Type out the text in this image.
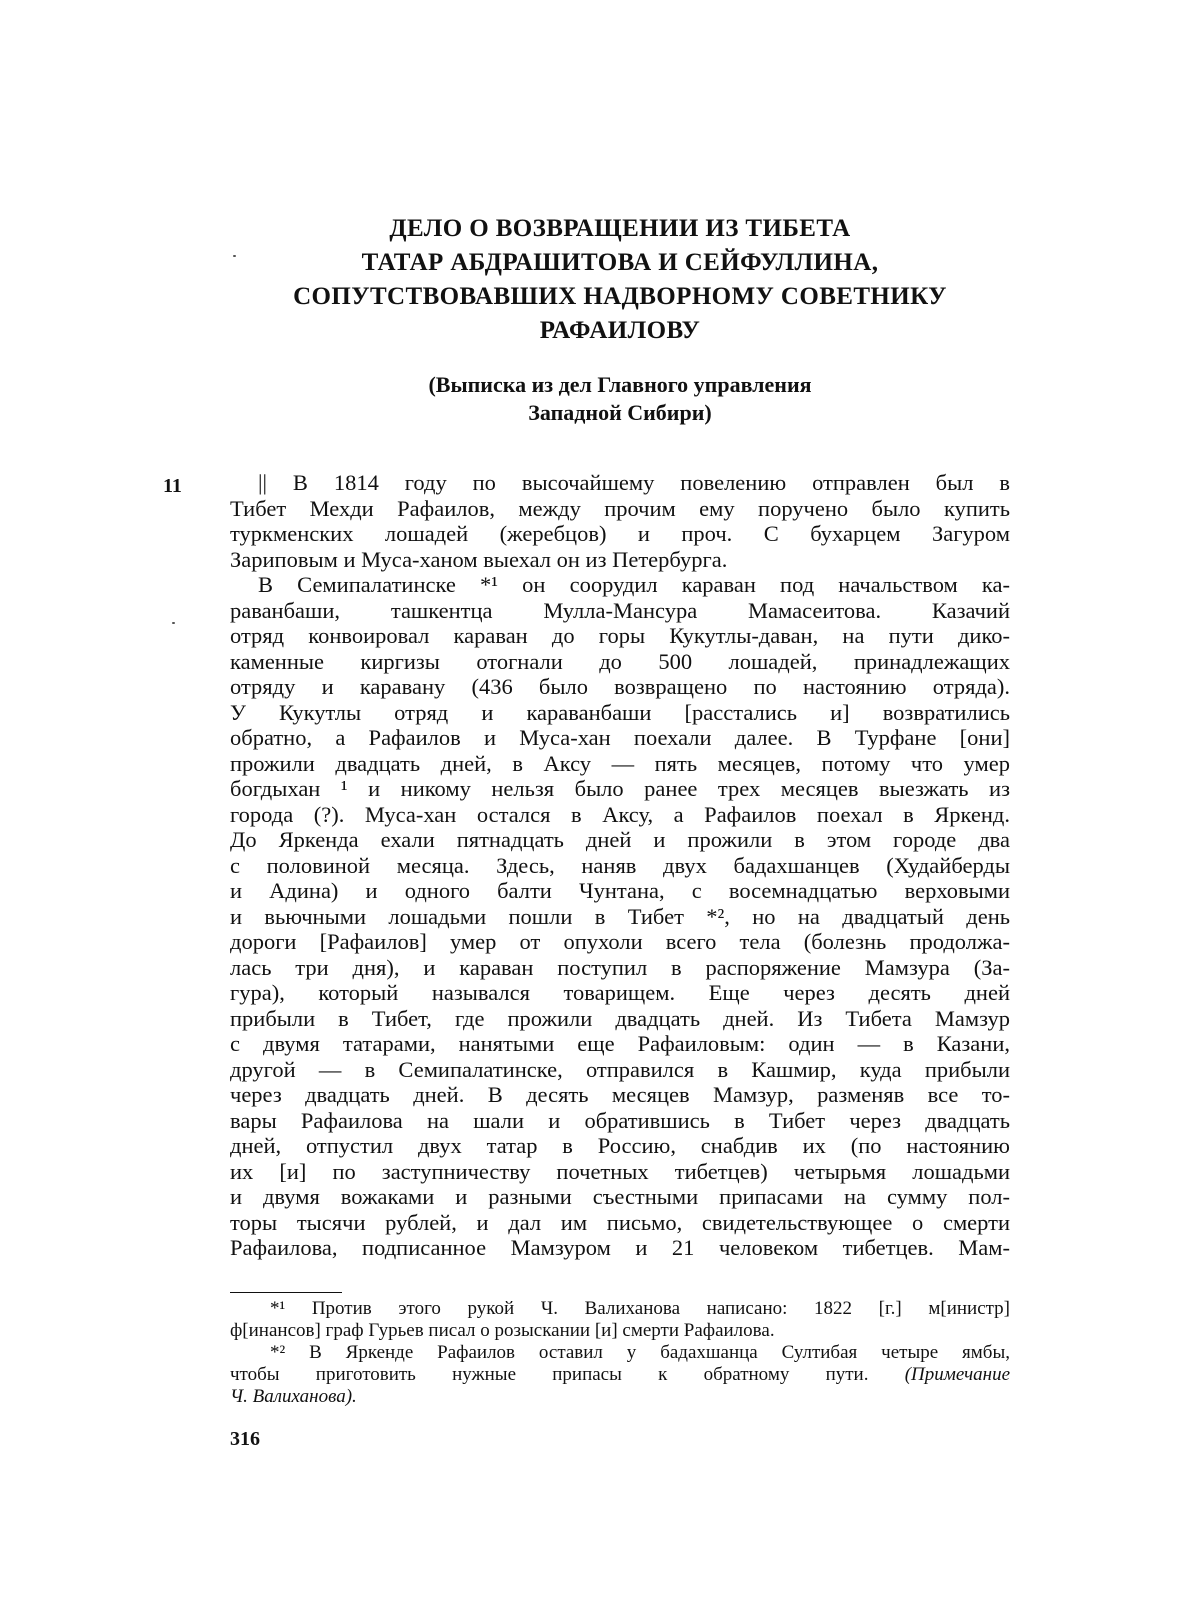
ДЕЛО О ВОЗВРАЩЕНИИ ИЗ ТИБЕТА
ТАТАР АБДРАШИТОВА И СЕЙФУЛЛИНА,
СОПУТСТВОВАВШИХ НАДВОРНОМУ СОВЕТНИКУ
РАФАИЛОВУ
(Выписка из дел Главного управления
Западной Сибири)
11	|| В 1814 году по высочайшему повелению отправлен был в
Тибет Мехди Рафаилов, между прочим ему поручено было купить
туркменских лошадей (жеребцов) и проч. С бухарцем Загуром
Зариповым и Муса-ханом выехал он из Петербурга.
В Семипалатинске *¹ он соорудил караван под начальством ка-
раванбаши, ташкентца Мулла-Мансура Мамасеитова. Казачий
отряд конвоировал караван до горы Кукутлы-даван, на пути дико-
каменные киргизы отогнали до 500 лошадей, принадлежащих
отряду и каравану (436 было возвращено по настоянию отряда).
У Кукутлы отряд и караванбаши [расстались и] возвратились
обратно, а Рафаилов и Муса-хан поехали далее. В Турфане [они]
прожили двадцать дней, в Аксу — пять месяцев, потому что умер
богдыхан ¹ и никому нельзя было ранее трех месяцев выезжать из
города (?). Муса-хан остался в Аксу, а Рафаилов поехал в Яркенд.
До Яркенда ехали пятнадцать дней и прожили в этом городе два
с половиной месяца. Здесь, наняв двух бадахшанцев (Худайберды
и Адина) и одного балти Чунтана, с восемнадцатью верховыми
и вьючными лошадьми пошли в Тибет *², но на двадцатый день
дороги [Рафаилов] умер от опухоли всего тела (болезнь продолжа-
лась три дня), и караван поступил в распоряжение Мамзура (За-
гура), который назывался товарищем. Еще через десять дней
прибыли в Тибет, где прожили двадцать дней. Из Тибета Мамзур
с двумя татарами, нанятыми еще Рафаиловым: один — в Казани,
другой — в Семипалатинске, отправился в Кашмир, куда прибыли
через двадцать дней. В десять месяцев Мамзур, разменяв все то-
вары Рафаилова на шали и обратившись в Тибет через двадцать
дней, отпустил двух татар в Россию, снабдив их (по настоянию
их [и] по заступничеству почетных тибетцев) четырьмя лошадьми
и двумя вожаками и разными съестными припасами на сумму пол-
торы тысячи рублей, и дал им письмо, свидетельствующее о смерти
Рафаилова, подписанное Мамзуром и 21 человеком тибетцев. Мам-
*¹ Против этого рукой Ч. Валиханова написано: 1822 [г.] м[инистр]
ф[инансов] граф Гурьев писал о розыскании [и] смерти Рафаилова.
*² В Яркенде Рафаилов оставил у бадахшанца Султибая четыре ямбы,
чтобы приготовить нужные припасы к обратному пути. (Примечание
Ч. Валиханова).
316
